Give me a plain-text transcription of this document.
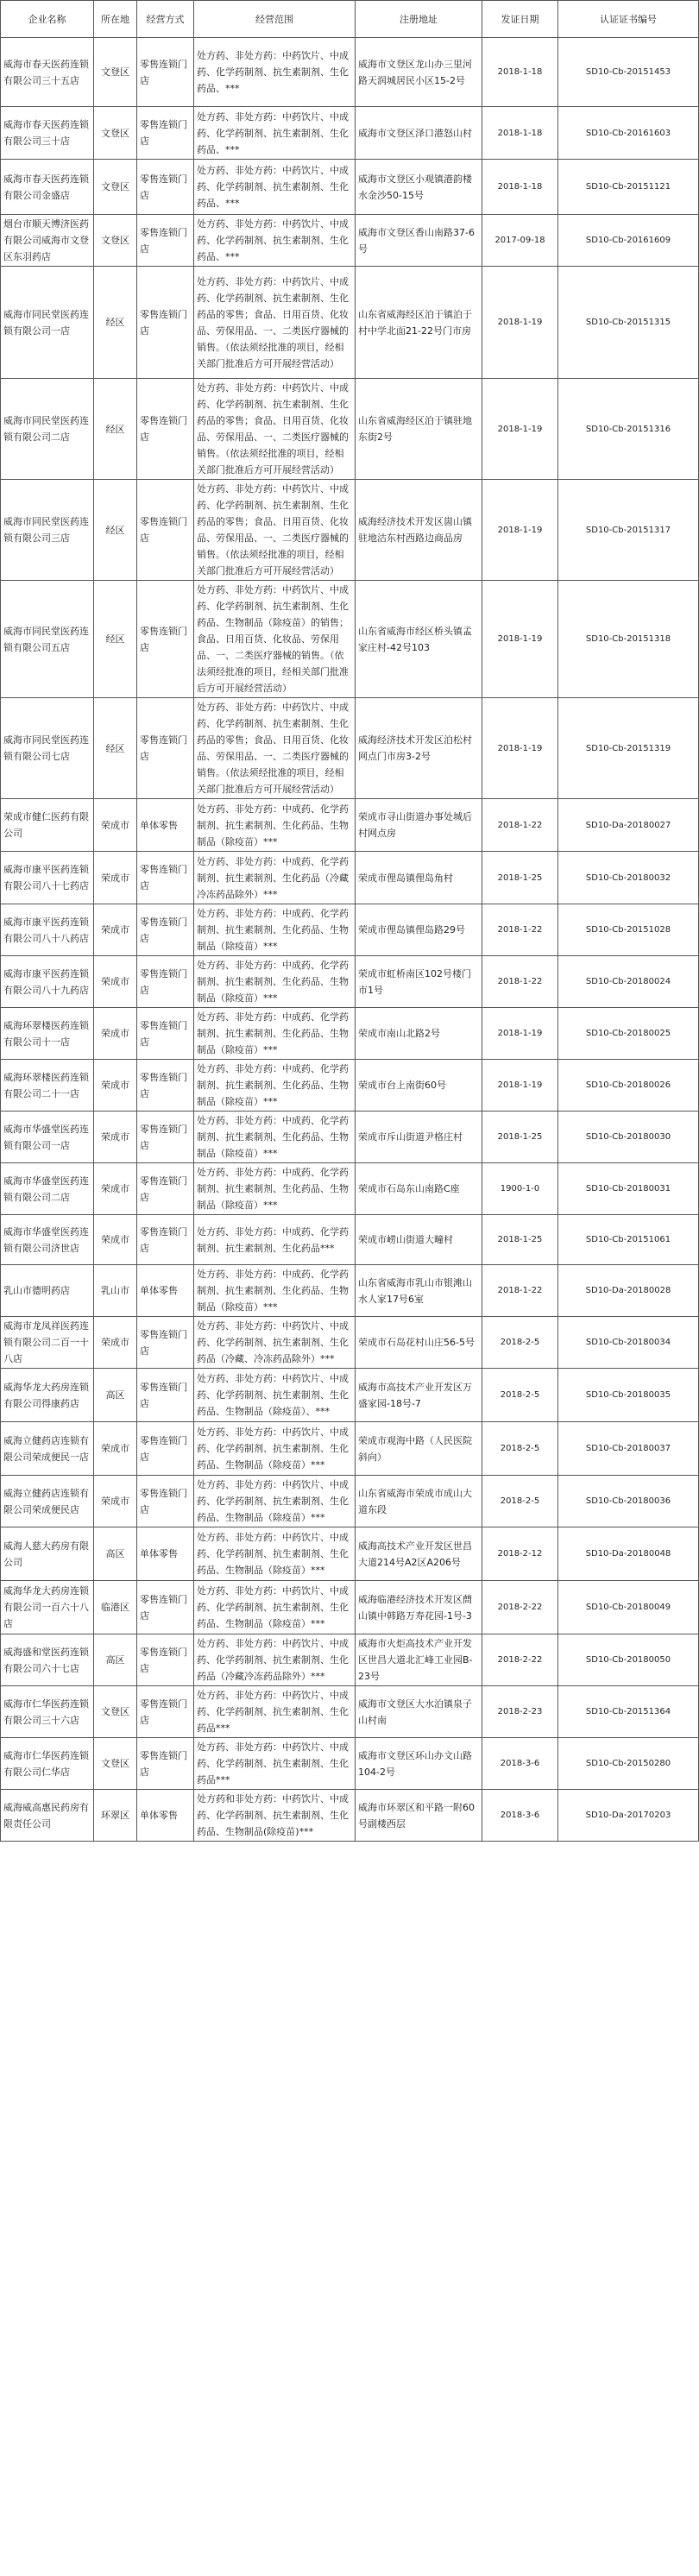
企业名称	所在地	经营方式	经营范围	注册地址	发证日期	认证证书编号
威海市春天医药连锁有限公司三十五店	文登区	零售连锁门店	处方药、非处方药：中药饮片、中成药、化学药制剂、抗生素制剂、生化药品、***	威海市文登区龙山办三里河路天润城居民小区15-2号	2018-1-18	SD10-Cb-20151453
威海市春天医药连锁有限公司三十店	文登区	零售连锁门店	处方药、非处方药：中药饮片、中成药、化学药制剂、抗生素制剂、生化药品、***	威海市文登区泽口港怒山村	2018-1-18	SD10-Cb-20161603
威海市春天医药连锁有限公司金盛店	文登区	零售连锁门店	处方药、非处方药：中药饮片、中成药、化学药制剂、抗生素制剂、生化药品、***	威海市文登区小观镇港韵楼水金沙50-15号	2018-1-18	SD10-Cb-20151121
烟台市顺天博济医药有限公司威海市文登区东羽药店	文登区	零售连锁门店	处方药、非处方药：中药饮片、中成药、化学药制剂、抗生素制剂、生化药品、***	威海市文登区香山南路37-6号	2017-09-18	SD10-Cb-20161609
威海市同民堂医药连锁有限公司一店	经区	零售连锁门店	处方药、非处方药：中药饮片、中成药、化学药制剂、抗生素制剂、生化药品的零售；食品、日用百货、化妆品、劳保用品、一、二类医疗器械的销售。（依法须经批准的项目，经相关部门批准后方可开展经营活动）	山东省威海经区泊于镇泊于村中学北面21-22号门市房	2018-1-19	SD10-Cb-20151315
威海市同民堂医药连锁有限公司二店	经区	零售连锁门店	处方药、非处方药：中药饮片、中成药、化学药制剂、抗生素制剂、生化药品的零售；食品、日用百货、化妆品、劳保用品、一、二类医疗器械的销售。（依法须经批准的项目，经相关部门批准后方可开展经营活动）	山东省威海经区泊于镇驻地东街2号	2018-1-19	SD10-Cb-20151316
威海市同民堂医药连锁有限公司三店	经区	零售连锁门店	处方药、非处方药：中药饮片、中成药、化学药制剂、抗生素制剂、生化药品的零售；食品、日用百货、化妆品、劳保用品、一、二类医疗器械的销售。（依法须经批准的项目，经相关部门批准后方可开展经营活动）	威海经济技术开发区崮山镇驻地沽东村西路边商品房	2018-1-19	SD10-Cb-20151317
威海市同民堂医药连锁有限公司五店	经区	零售连锁门店	处方药、非处方药：中药饮片、中成药、化学药制剂、抗生素制剂、生化药品、生物制品（除疫苗）的销售；食品、日用百货、化妆品、劳保用品、一、二类医疗器械的销售。（依法须经批准的项目，经相关部门批准后方可开展经营活动）	山东省威海市经区桥头镇孟家庄村-42号103	2018-1-19	SD10-Cb-20151318
威海市同民堂医药连锁有限公司七店	经区	零售连锁门店	处方药、非处方药：中药饮片、中成药、化学药制剂、抗生素制剂、生化药品的零售；食品、日用百货、化妆品、劳保用品、一、二类医疗器械的销售。（依法须经批准的项目，经相关部门批准后方可开展经营活动）	威海经济技术开发区泊松村网点门市房3-2号	2018-1-19	SD10-Cb-20151319
荣成市健仁医药有限公司	荣成市	单体零售	处方药、非处方药：中成药、化学药制剂、抗生素制剂、生化药品、生物制品（除疫苗）***	荣成市寻山街道办事处城后村网点房	2018-1-22	SD10-Da-20180027
威海市康平医药连锁有限公司八十七药店	荣成市	零售连锁门店	处方药、非处方药：中成药、化学药制剂、抗生素制剂、生化药品（冷藏冷冻药品除外）***	荣成市俚岛镇俚岛角村	2018-1-25	SD10-Cb-20180032
威海市康平医药连锁有限公司八十八药店	荣成市	零售连锁门店	处方药、非处方药：中成药、化学药制剂、抗生素制剂、生化药品、生物制品（除疫苗）***	荣成市俚岛镇俚岛路29号	2018-1-22	SD10-Cb-20151028
威海市康平医药连锁有限公司八十九药店	荣成市	零售连锁门店	处方药、非处方药：中成药、化学药制剂、抗生素制剂、生化药品、生物制品（除疫苗）***	荣成市虹桥南区102号楼门市1号	2018-1-22	SD10-Cb-20180024
威海环翠楼医药连锁有限公司十一店	荣成市	零售连锁门店	处方药、非处方药：中成药、化学药制剂、抗生素制剂、生化药品、生物制品（除疫苗）***	荣成市南山北路2号	2018-1-19	SD10-Cb-20180025
威海环翠楼医药连锁有限公司二十一店	荣成市	零售连锁门店	处方药、非处方药：中成药、化学药制剂、抗生素制剂、生化药品、生物制品（除疫苗）***	荣成市台上南街60号	2018-1-19	SD10-Cb-20180026
威海市华盛堂医药连锁有限公司一店	荣成市	零售连锁门店	处方药、非处方药：中成药、化学药制剂、抗生素制剂、生化药品、生物制品（除疫苗）***	荣成市斥山街道尹格庄村	2018-1-25	SD10-Cb-20180030
威海市华盛堂医药连锁有限公司二店	荣成市	零售连锁门店	处方药、非处方药：中成药、化学药制剂、抗生素制剂、生化药品、生物制品（除疫苗）***	荣成市石岛东山南路C座	1900-1-0	SD10-Cb-20180031
威海市华盛堂医药连锁有限公司济世店	荣成市	零售连锁门店	处方药、非处方药：中成药、化学药制剂、抗生素制剂、生化药品***	荣成市崂山街道大疃村	2018-1-25	SD10-Cb-20151061
乳山市德明药店	乳山市	单体零售	处方药、非处方药：中成药、化学药制剂、抗生素制剂、生化药品、生物制品（除疫苗）***	山东省威海市乳山市银滩山水人家17号6室	2018-1-22	SD10-Da-20180028
威海市龙凤祥医药连锁有限公司二百一十八店	荣成市	零售连锁门店	处方药、非处方药：中药饮片、中成药、化学药制剂、抗生素制剂、生化药品（冷藏、冷冻药品除外）***	荣成市石岛花村山庄56-5号	2018-2-5	SD10-Cb-20180034
威海华龙大药房连锁有限公司得康药店	高区	零售连锁门店	处方药、非处方药：中药饮片、中成药、化学药制剂、抗生素制剂、生化药品、生物制品（除疫苗）、***	威海市高技术产业开发区万盛家园-18号-7	2018-2-5	SD10-Cb-20180035
威海立健药店连锁有限公司荣成便民一店	荣成市	零售连锁门店	处方药、非处方药：中药饮片、中成药、化学药制剂、抗生素制剂、生化药品、生物制品（除疫苗）***	荣成市观海中路（人民医院斜向）	2018-2-5	SD10-Cb-20180037
威海立健药店连锁有限公司荣成便民店	荣成市	零售连锁门店	处方药、非处方药：中药饮片、中成药、化学药制剂、抗生素制剂、生化药品、生物制品（除疫苗）***	山东省威海市荣成市成山大道东段	2018-2-5	SD10-Cb-20180036
威海人慈大药房有限公司	高区	单体零售	处方药、非处方药：中药饮片、中成药、化学药制剂、抗生素制剂、生化药品、生物制品（除疫苗）***	威海高技术产业开发区世昌大道214号A2区A206号	2018-2-12	SD10-Da-20180048
威海华龙大药房连锁有限公司一百六十八店	临港区	零售连锁门店	处方药、非处方药：中药饮片、中成药、化学药制剂、抗生素制剂、生化药品、生物制品（除疫苗）***	威海临港经济技术开发区蔄山镇中韩路万寿花园-1号-3	2018-2-22	SD10-Cb-20180049
威海盛和堂医药连锁有限公司六十七店	高区	零售连锁门店	处方药、非处方药：中药饮片、中成药、化学药制剂、抗生素制剂、生化药品（冷藏冷冻药品除外）***	威海市火炬高技术产业开发区世昌大道北汇峰工业园B-23号	2018-2-22	SD10-Cb-20180050
威海市仁华医药连锁有限公司三十六店	文登区	零售连锁门店	处方药、非处方药：中药饮片、中成药、化学药制剂、抗生素制剂、生化药品***	威海市文登区大水泊镇泉子山村南	2018-2-23	SD10-Cb-20151364
威海市仁华医药连锁有限公司仁华店	文登区	零售连锁门店	处方药、非处方药：中药饮片、中成药、化学药制剂、抗生素制剂、生化药品***	威海市文登区环山办文山路104-2号	2018-3-6	SD10-Cb-20150280
威海威高惠民药房有限责任公司	环翠区	单体零售	处方药和非处方药：中药饮片、中成药、化学药制剂、抗生素制剂、生化药品、生物制品(除疫苗)***	威海市环翠区和平路一附60号副楼西层	2018-3-6	SD10-Da-20170203
